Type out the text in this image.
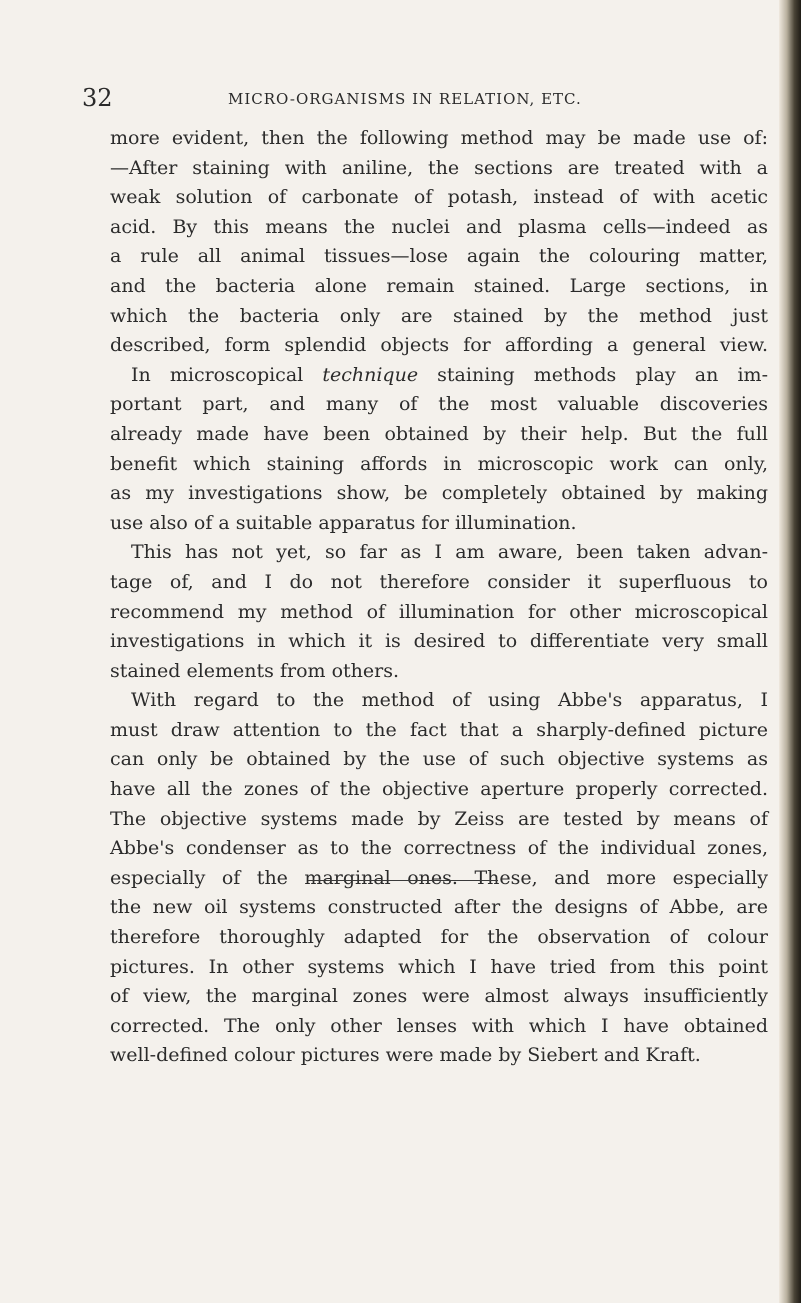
32	MICRO-ORGANISMS IN RELATION, ETC.
more evident, then the following method may be made use of:
—After staining with aniline, the sections are treated with a
weak solution of carbonate of potash, instead of with acetic
acid. By this means the nuclei and plasma cells—indeed as
a rule all animal tissues—lose again the colouring matter,
and the bacteria alone remain stained. Large sections, in
which the bacteria only are stained by the method just
described, form splendid objects for affording a general view.
In microscopical technique staining methods play an im-
portant part, and many of the most valuable discoveries
already made have been obtained by their help. But the full
benefit which staining affords in microscopic work can only,
as my investigations show, be completely obtained by making
use also of a suitable apparatus for illumination.
This has not yet, so far as I am aware, been taken advan-
tage of, and I do not therefore consider it superfluous to
recommend my method of illumination for other microscopical
investigations in which it is desired to differentiate very small
stained elements from others.
With regard to the method of using Abbe's apparatus, I
must draw attention to the fact that a sharply-defined picture
can only be obtained by the use of such objective systems as
have all the zones of the objective aperture properly corrected.
The objective systems made by Zeiss are tested by means of
Abbe's condenser as to the correctness of the individual zones,
especially of the marginal ones. These, and more especially
the new oil systems constructed after the designs of Abbe, are
therefore thoroughly adapted for the observation of colour
pictures. In other systems which I have tried from this point
of view, the marginal zones were almost always insufficiently
corrected. The only other lenses with which I have obtained
well-defined colour pictures were made by Siebert and Kraft.
